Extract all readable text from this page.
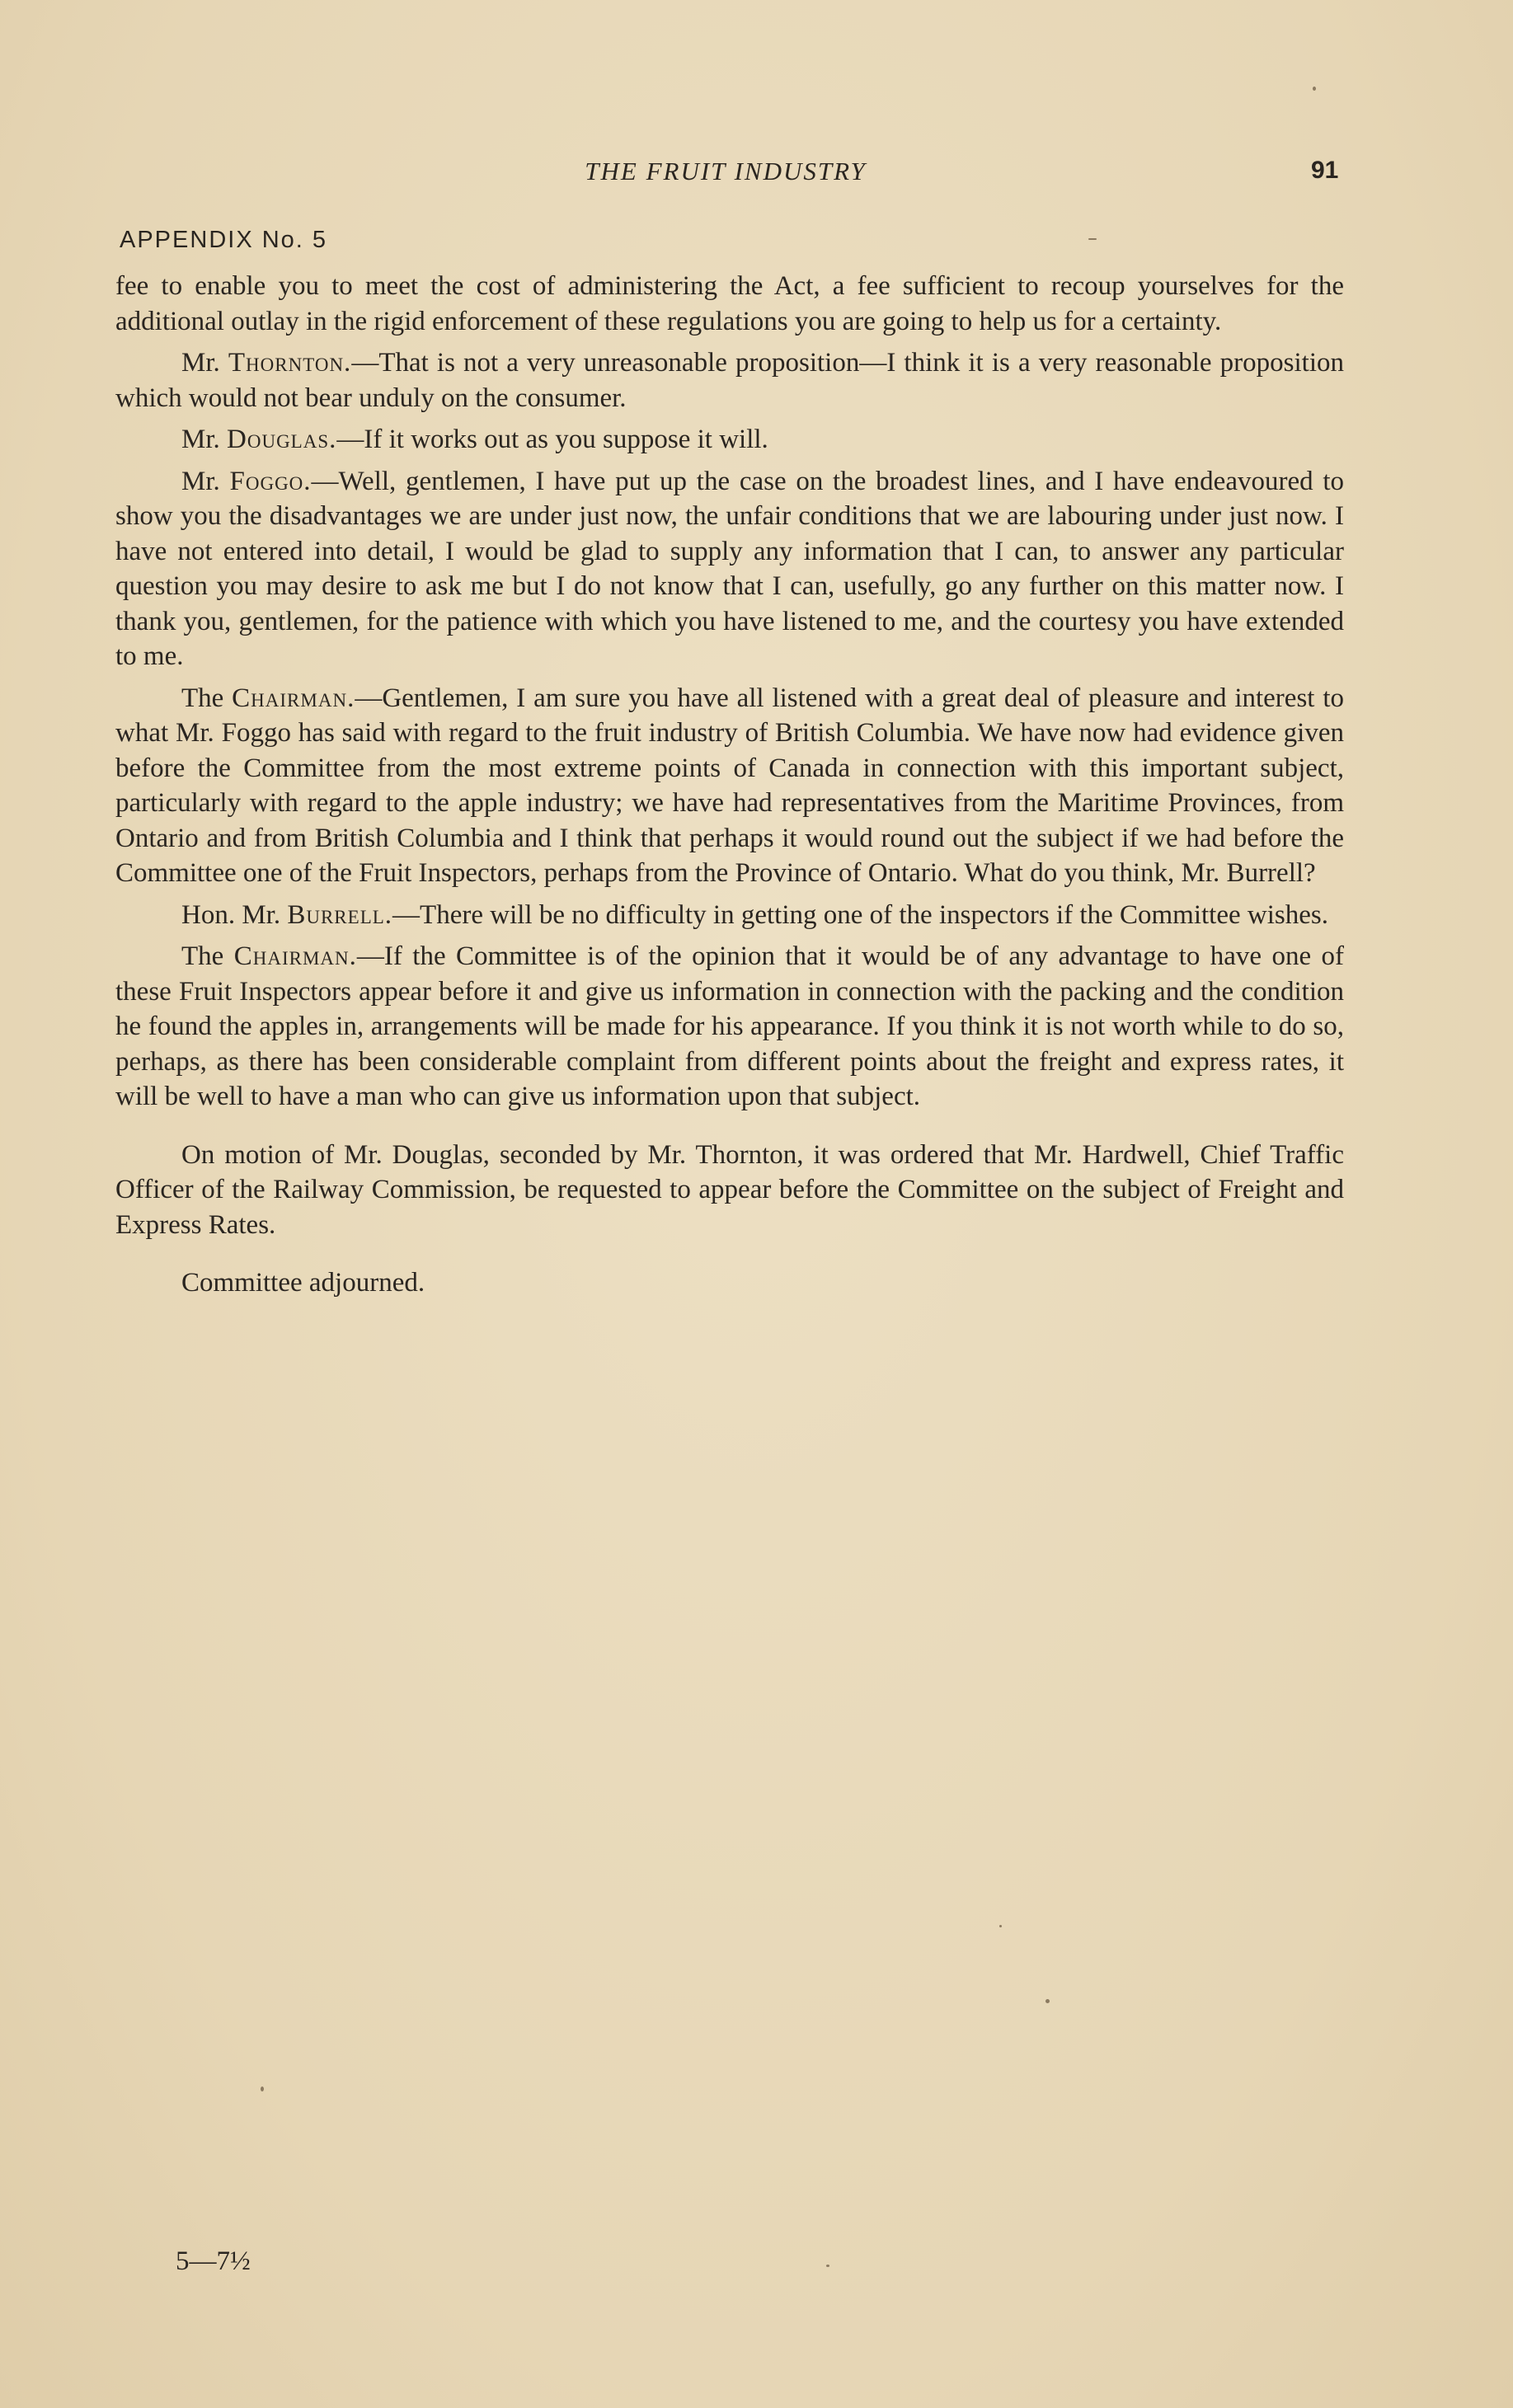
THE FRUIT INDUSTRY	91
APPENDIX No. 5

fee to enable you to meet the cost of administering the Act, a fee sufficient to recoup yourselves for the additional outlay in the rigid enforcement of these regulations you are going to help us for a certainty.

Mr. Thornton.—That is not a very unreasonable proposition—I think it is a very reasonable proposition which would not bear unduly on the consumer.

Mr. Douglas.—If it works out as you suppose it will.

Mr. Foggo.—Well, gentlemen, I have put up the case on the broadest lines, and I have endeavoured to show you the disadvantages we are under just now, the unfair conditions that we are labouring under just now. I have not entered into detail, I would be glad to supply any information that I can, to answer any particular question you may desire to ask me but I do not know that I can, usefully, go any further on this matter now. I thank you, gentlemen, for the patience with which you have listened to me, and the courtesy you have extended to me.

The Chairman.—Gentlemen, I am sure you have all listened with a great deal of pleasure and interest to what Mr. Foggo has said with regard to the fruit industry of British Columbia. We have now had evidence given before the Committee from the most extreme points of Canada in connection with this important subject, particularly with regard to the apple industry; we have had representatives from the Maritime Provinces, from Ontario and from British Columbia and I think that perhaps it would round out the subject if we had before the Committee one of the Fruit Inspectors, perhaps from the Province of Ontario. What do you think, Mr. Burrell?

Hon. Mr. Burrell.—There will be no difficulty in getting one of the inspectors if the Committee wishes.

The Chairman.—If the Committee is of the opinion that it would be of any advantage to have one of these Fruit Inspectors appear before it and give us information in connection with the packing and the condition he found the apples in, arrangements will be made for his appearance. If you think it is not worth while to do so, perhaps, as there has been considerable complaint from different points about the freight and express rates, it will be well to have a man who can give us information upon that subject.

On motion of Mr. Douglas, seconded by Mr. Thornton, it was ordered that Mr. Hardwell, Chief Traffic Officer of the Railway Commission, be requested to appear before the Committee on the subject of Freight and Express Rates.

Committee adjourned.

5—7½
